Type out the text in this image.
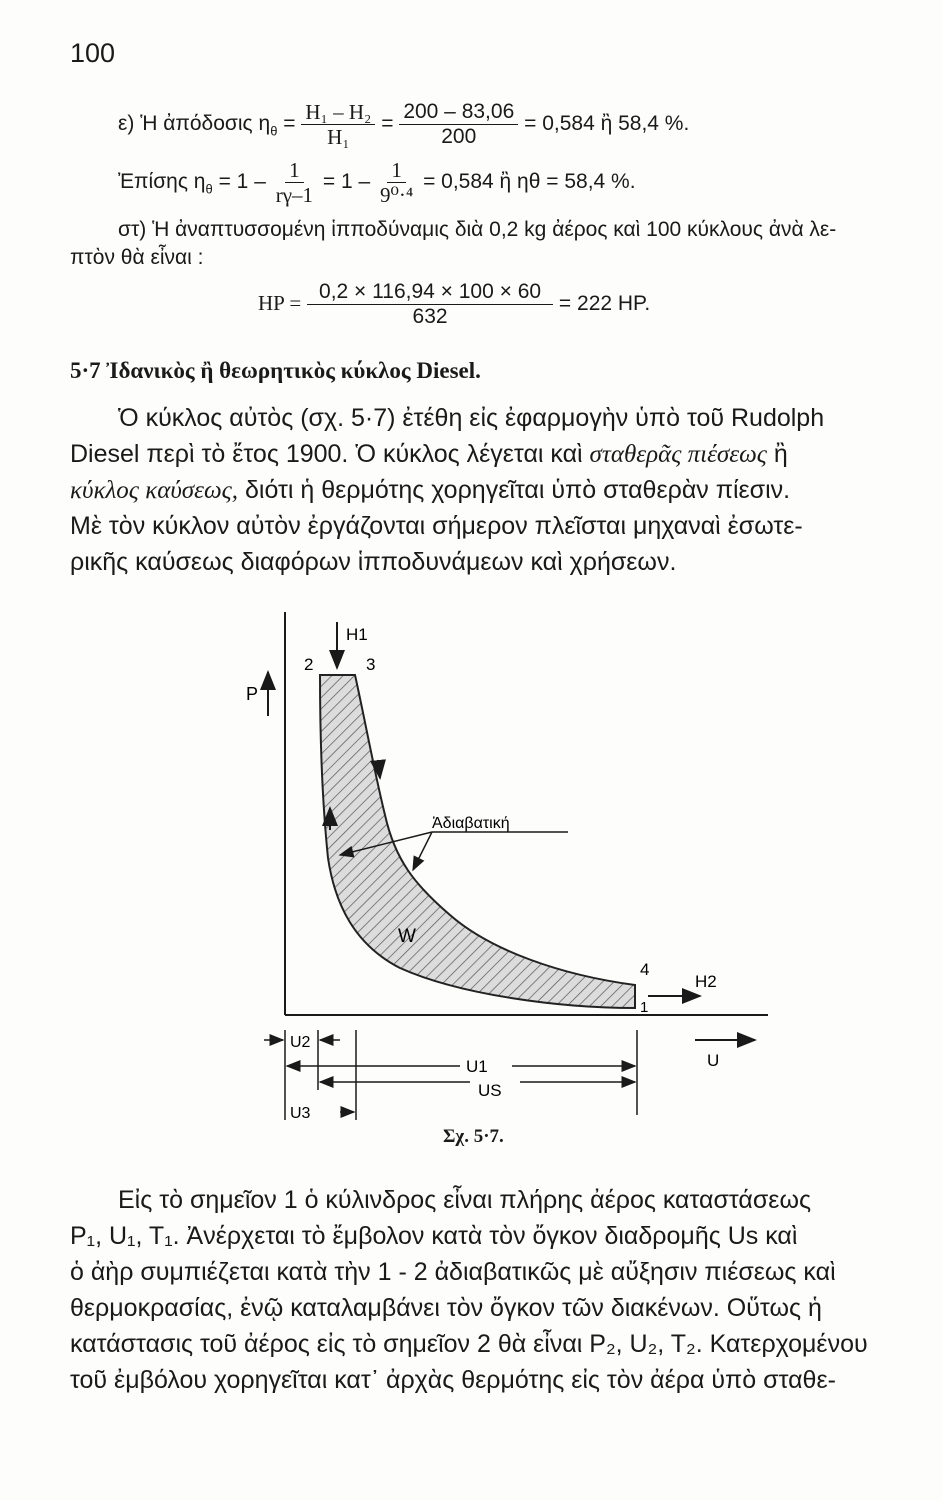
100
ε) Ἡ ἀπόδοσις $\eta_\theta = \frac{\text{H₁ – H₂}}{\text{H₁}} = \frac{200 - 83,06}{200} = 0,584$ ἢ 58,4 %.
Ἐπίσης $\eta_\theta = 1 - \frac{1}{r\gamma-1} = 1 - \frac{1}{\text{9⁰·⁴}} = 0,584$ ἢ ηθ = 58,4 %.
στ) Ἡ ἀναπτυσσομένη ἱπποδύναμις διὰ 0,2 kg ἀέρος καὶ 100 κύκλους ἀνὰ λε-
πτὸν θὰ εἶναι :
HP = $\frac{0,2 \times 116,94 \times 100 \times 60}{632} = 222$ HP.
5·7 Ἰδανικὸς ἢ θεωρητικὸς κύκλος Diesel.
Ὁ κύκλος αὐτὸς (σχ. 5·7) ἐτέθη εἰς ἐφαρμογὴν ὑπὸ τοῦ Rudolph
Diesel περὶ τὸ ἔτος 1900. Ὁ κύκλος λέγεται καὶ σταθερᾶς πιέσεως ἢ
κύκλος καύσεως, διότι ἡ θερμότης χορηγεῖται ὑπὸ σταθερὰν πίεσιν.
Μὲ τὸν κύκλον αὐτὸν ἐργάζονται σήμερον πλεῖσται μηχαναὶ ἐσωτε-
ρικῆς καύσεως διαφόρων ἱπποδυνάμεων καὶ χρήσεων.
P
2	3
4
1
H1
H2
Ἀδιαβατική
W
U2
U1
US
U3
U
Σχ. 5·7.
Εἰς τὸ σημεῖον 1 ὁ κύλινδρος εἶναι πλήρης ἀέρος καταστάσεως
P₁, U₁, T₁. Ἀνέρχεται τὸ ἔμβολον κατὰ τὸν ὄγκον διαδρομῆς Us καὶ
ὁ ἀὴρ συμπιέζεται κατὰ τὴν 1 - 2 ἀδιαβατικῶς μὲ αὔξησιν πιέσεως καὶ
θερμοκρασίας, ἐνῷ καταλαμβάνει τὸν ὄγκον τῶν διακένων. Οὕτως ἡ
κατάστασις τοῦ ἀέρος εἰς τὸ σημεῖον 2 θὰ εἶναι P₂, U₂, T₂. Κατερχομένου
τοῦ ἐμβόλου χορηγεῖται κατ᾽ ἀρχὰς θερμότης εἰς τὸν ἀέρα ὑπὸ σταθε-
